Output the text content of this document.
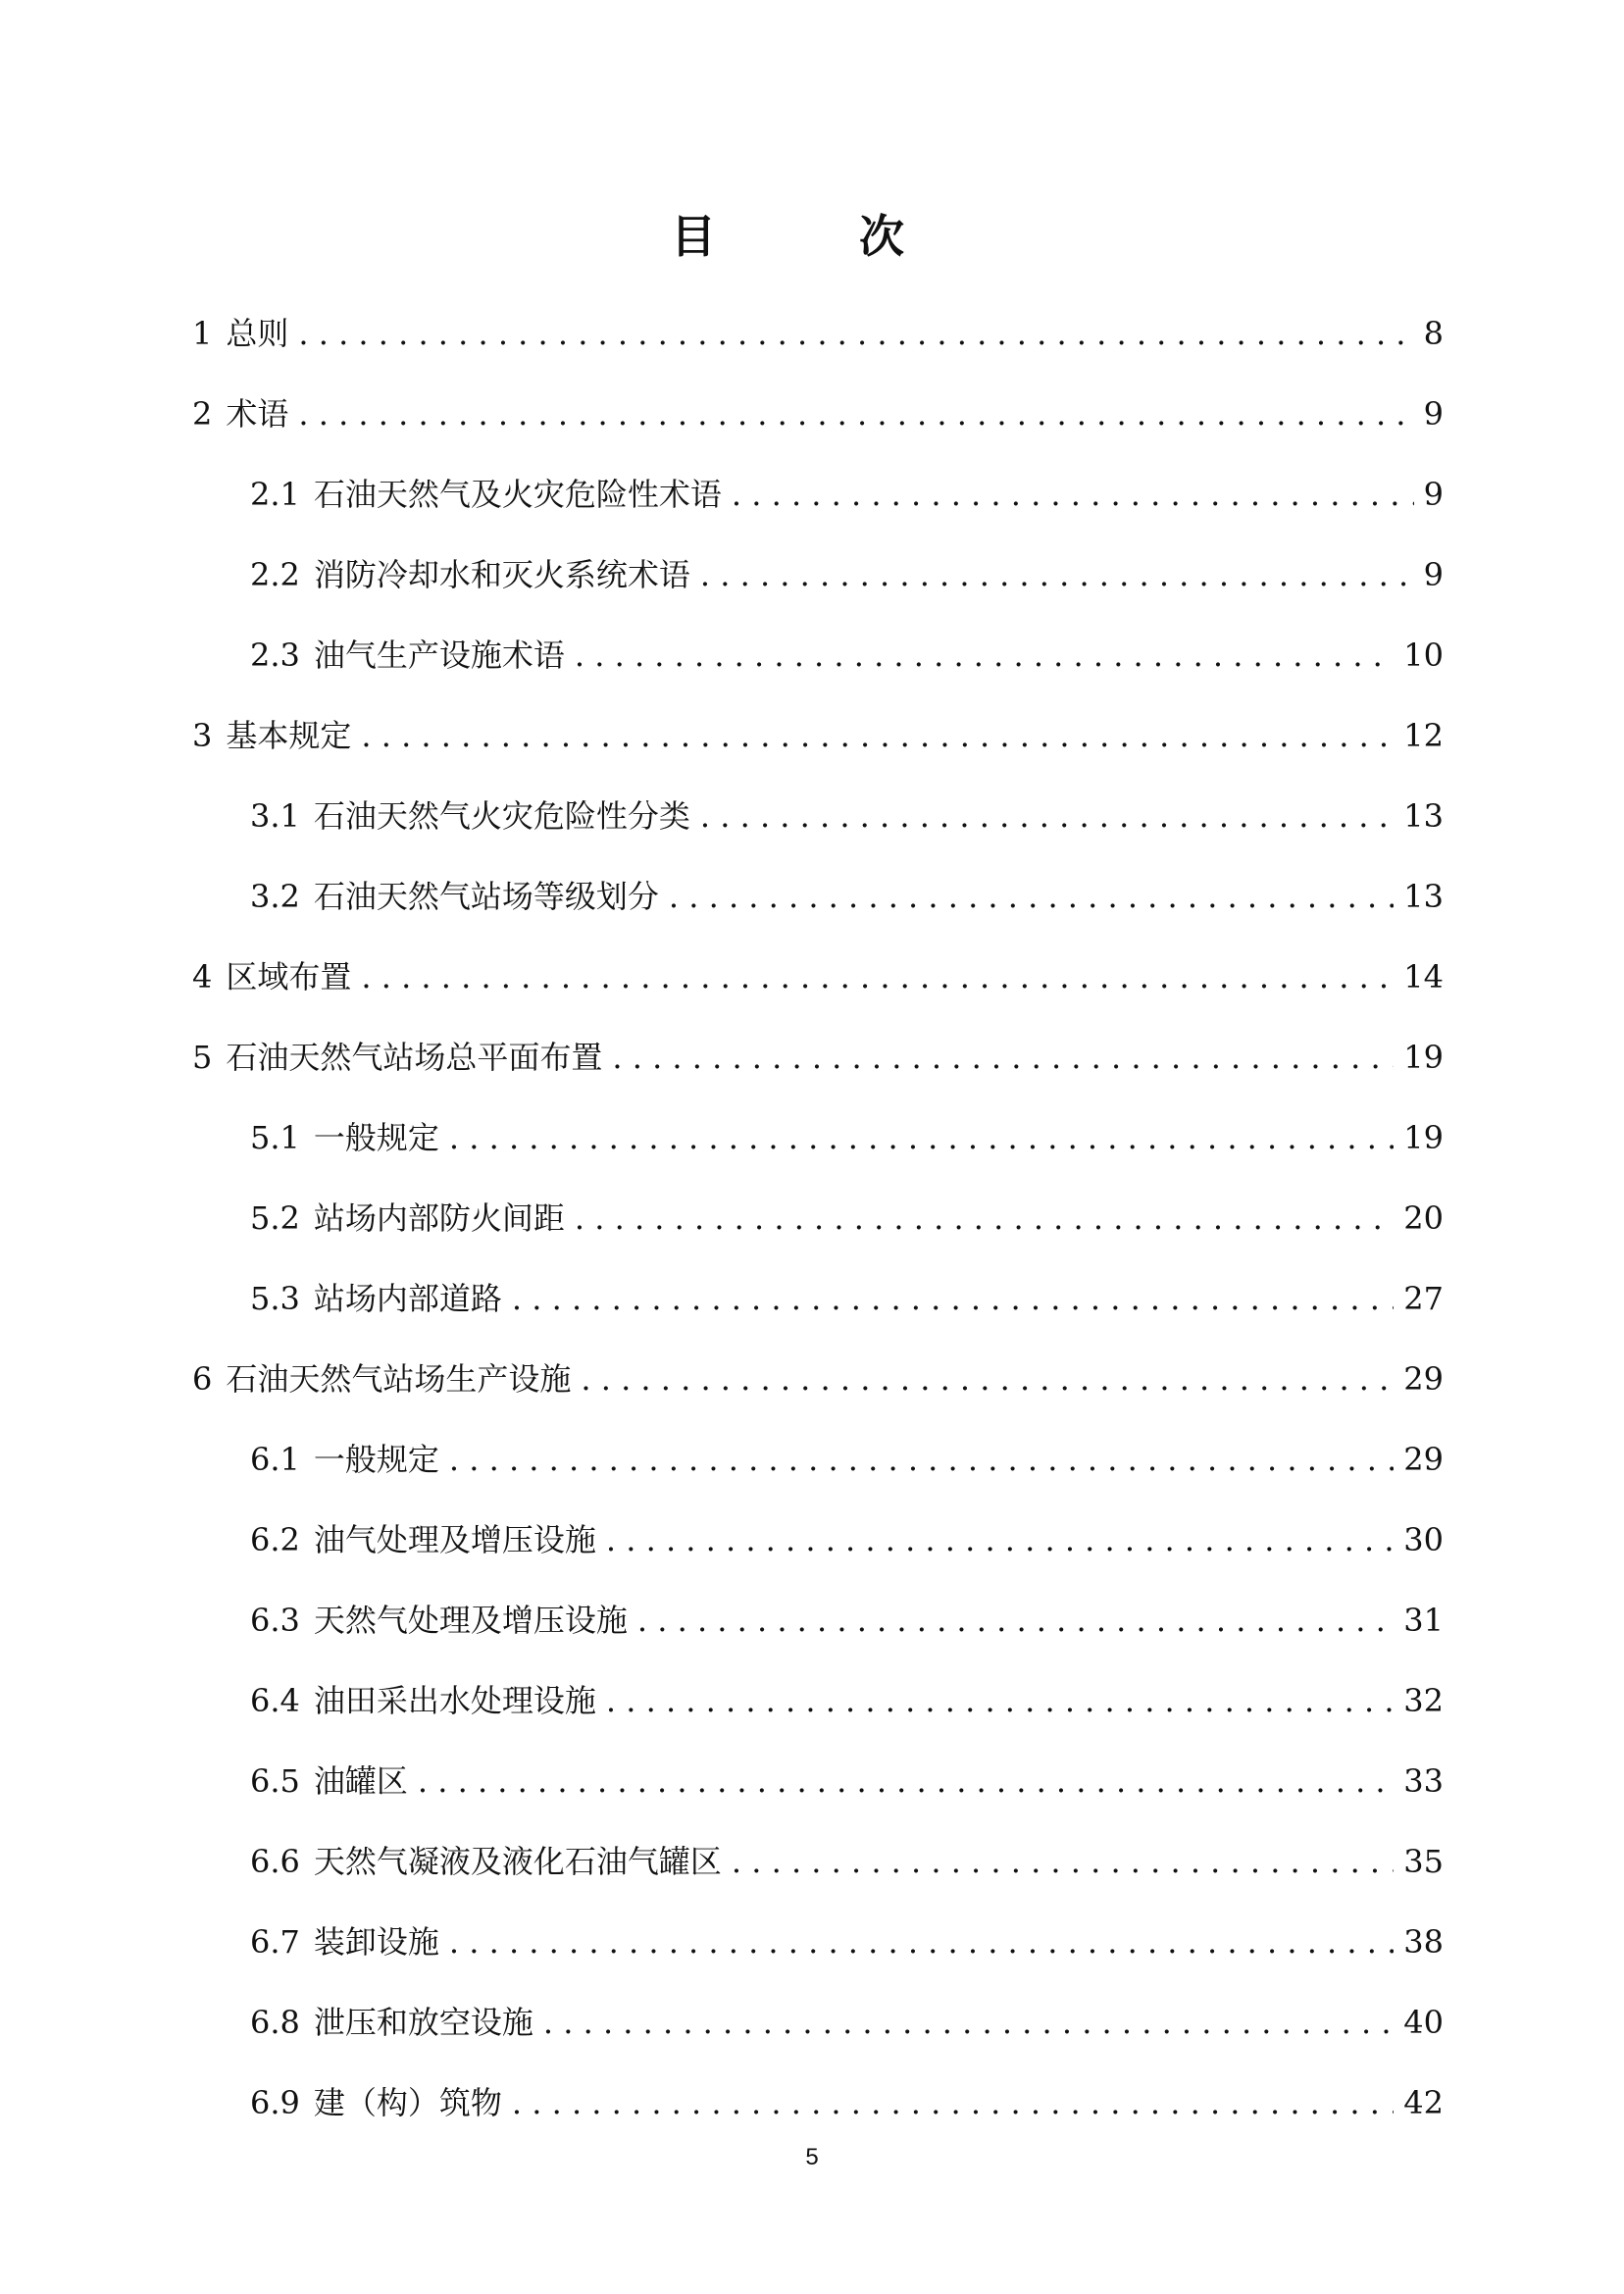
目　次
1 总则 . . .	8
2 术语 . . .	9
2.1 石油天然气及火灾危险性术语 . . .	9
2.2 消防冷却水和灭火系统术语 . . .	9
2.3 油气生产设施术语 . . .	10
3 基本规定 . . .	12
3.1 石油天然气火灾危险性分类 . . .	13
3.2 石油天然气站场等级划分 . . .	13
4 区域布置 . . .	14
5 石油天然气站场总平面布置 . . .	19
5.1 一般规定 . . .	19
5.2 站场内部防火间距 . . .	20
5.3 站场内部道路 . . .	27
6 石油天然气站场生产设施 . . .	29
6.1 一般规定 . . .	29
6.2 油气处理及增压设施 . . .	30
6.3 天然气处理及增压设施 . . .	31
6.4 油田采出水处理设施 . . .	32
6.5 油罐区 . . .	33
6.6 天然气凝液及液化石油气罐区 . . .	35
6.7 装卸设施 . . .	38
6.8 泄压和放空设施 . . .	40
6.9 建（构）筑物 . . .	42
5
